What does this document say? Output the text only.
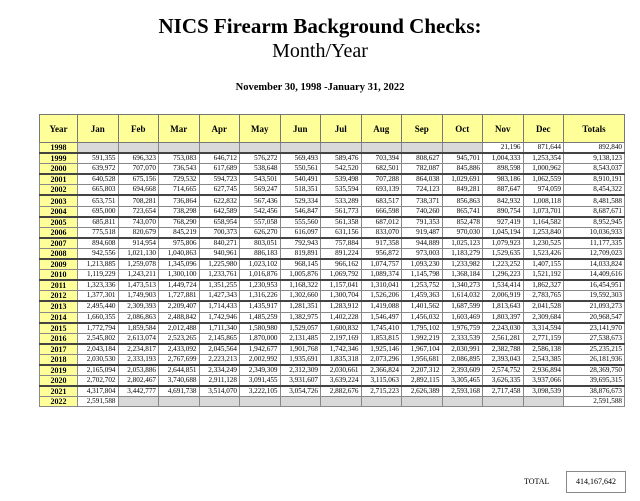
NICS Firearm Background Checks:
Month/Year
November 30, 1998 -January 31, 2022
Year	Jan	Feb	Mar	Apr	May	Jun	Jul	Aug	Sep	Oct	Nov	Dec	Totals
1998											21,196	871,644	892,840
1999	591,355	696,323	753,083	646,712	576,272	569,493	589,476	703,394	808,627	945,701	1,004,333	1,253,354	9,138,123
2000	639,972	707,070	736,543	617,689	538,648	550,561	542,520	682,501	782,087	845,886	898,598	1,000,962	8,543,037
2001	640,528	675,156	729,532	594,723	543,501	540,491	539,498	707,288	864,038	1,029,691	983,186	1,062,559	8,910,191
2002	665,803	694,668	714,665	627,745	569,247	518,351	535,594	693,139	724,123	849,281	887,647	974,059	8,454,322
2003	653,751	708,281	736,864	622,832	567,436	529,334	533,289	683,517	738,371	856,863	842,932	1,008,118	8,481,588
2004	695,000	723,654	738,298	642,589	542,456	546,847	561,773	666,598	740,260	865,741	890,754	1,073,701	8,687,671
2005	685,811	743,070	768,290	658,954	557,058	555,560	561,358	687,012	791,353	852,478	927,419	1,164,582	8,952,945
2006	775,518	820,679	845,219	700,373	626,270	616,097	631,156	833,070	919,487	970,030	1,045,194	1,253,840	10,036,933
2007	894,608	914,954	975,806	840,271	803,051	792,943	757,884	917,358	944,889	1,025,123	1,079,923	1,230,525	11,177,335
2008	942,556	1,021,130	1,040,863	940,961	886,183	819,891	891,224	956,872	973,003	1,183,279	1,529,635	1,523,426	12,709,023
2009	1,213,885	1,259,078	1,345,096	1,225,980	1,023,102	968,145	966,162	1,074,757	1,093,230	1,233,982	1,223,252	1,407,155	14,033,824
2010	1,119,229	1,243,211	1,300,100	1,233,761	1,016,876	1,005,876	1,069,792	1,089,374	1,145,798	1,368,184	1,296,223	1,521,192	14,409,616
2011	1,323,336	1,473,513	1,449,724	1,351,255	1,230,953	1,168,322	1,157,041	1,310,041	1,253,752	1,340,273	1,534,414	1,862,327	16,454,951
2012	1,377,301	1,749,903	1,727,881	1,427,343	1,316,226	1,302,660	1,300,704	1,526,206	1,459,363	1,614,032	2,006,919	2,783,765	19,592,303
2013	2,495,440	2,309,393	2,209,407	1,714,433	1,435,917	1,281,351	1,283,912	1,419,088	1,401,562	1,687,599	1,813,643	2,041,528	21,093,273
2014	1,660,355	2,086,863	2,488,842	1,742,946	1,485,259	1,382,975	1,402,228	1,546,497	1,456,032	1,603,469	1,803,397	2,309,684	20,968,547
2015	1,772,794	1,859,584	2,012,488	1,711,340	1,580,980	1,529,057	1,600,832	1,745,410	1,795,102	1,976,759	2,243,030	3,314,594	23,141,970
2016	2,545,802	2,613,074	2,523,265	2,145,865	1,870,000	2,131,485	2,197,169	1,853,815	1,992,219	2,333,539	2,561,281	2,771,159	27,538,673
2017	2,043,184	2,234,817	2,433,092	2,045,564	1,942,677	1,901,768	1,742,346	1,925,146	1,967,104	2,030,991	2,382,788	2,586,138	25,235,215
2018	2,030,530	2,333,193	2,767,699	2,223,213	2,002,992	1,935,691	1,835,318	2,073,296	1,956,681	2,086,895	2,393,043	2,543,385	26,181,936
2019	2,165,094	2,053,886	2,644,851	2,334,249	2,349,309	2,312,309	2,030,661	2,366,824	2,207,312	2,393,609	2,574,752	2,936,894	28,369,750
2020	2,702,702	2,802,467	3,740,688	2,911,128	3,091,455	3,931,607	3,639,224	3,115,063	2,892,115	3,305,465	3,626,335	3,937,066	39,695,315
2021	4,317,804	3,442,777	4,691,738	3,514,070	3,222,105	3,054,726	2,882,676	2,715,223	2,626,389	2,593,168	2,717,458	3,098,539	38,876,673
2022	2,591,588												2,591,588
TOTAL	414,167,642
